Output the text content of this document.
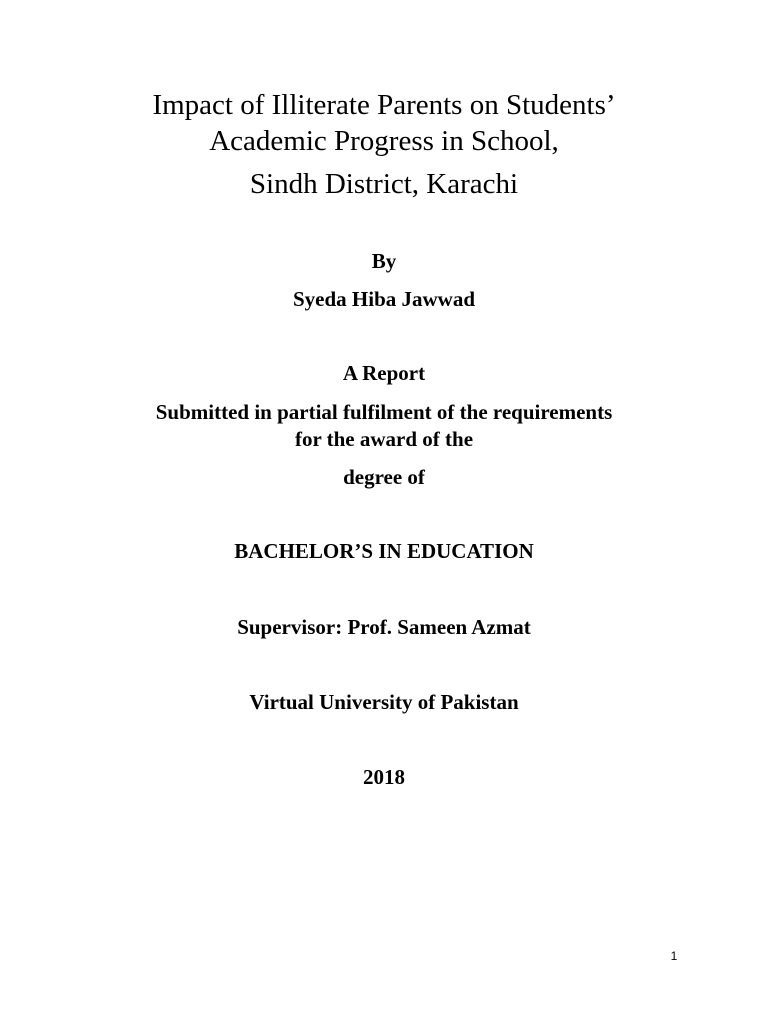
Impact of Illiterate Parents on Students’
Academic Progress in School,
Sindh District, Karachi
By
Syeda Hiba Jawwad
A Report
Submitted in partial fulfilment of the requirements
for the award of the
degree of
BACHELOR’S IN EDUCATION
Supervisor: Prof. Sameen Azmat
Virtual University of Pakistan
2018
1
